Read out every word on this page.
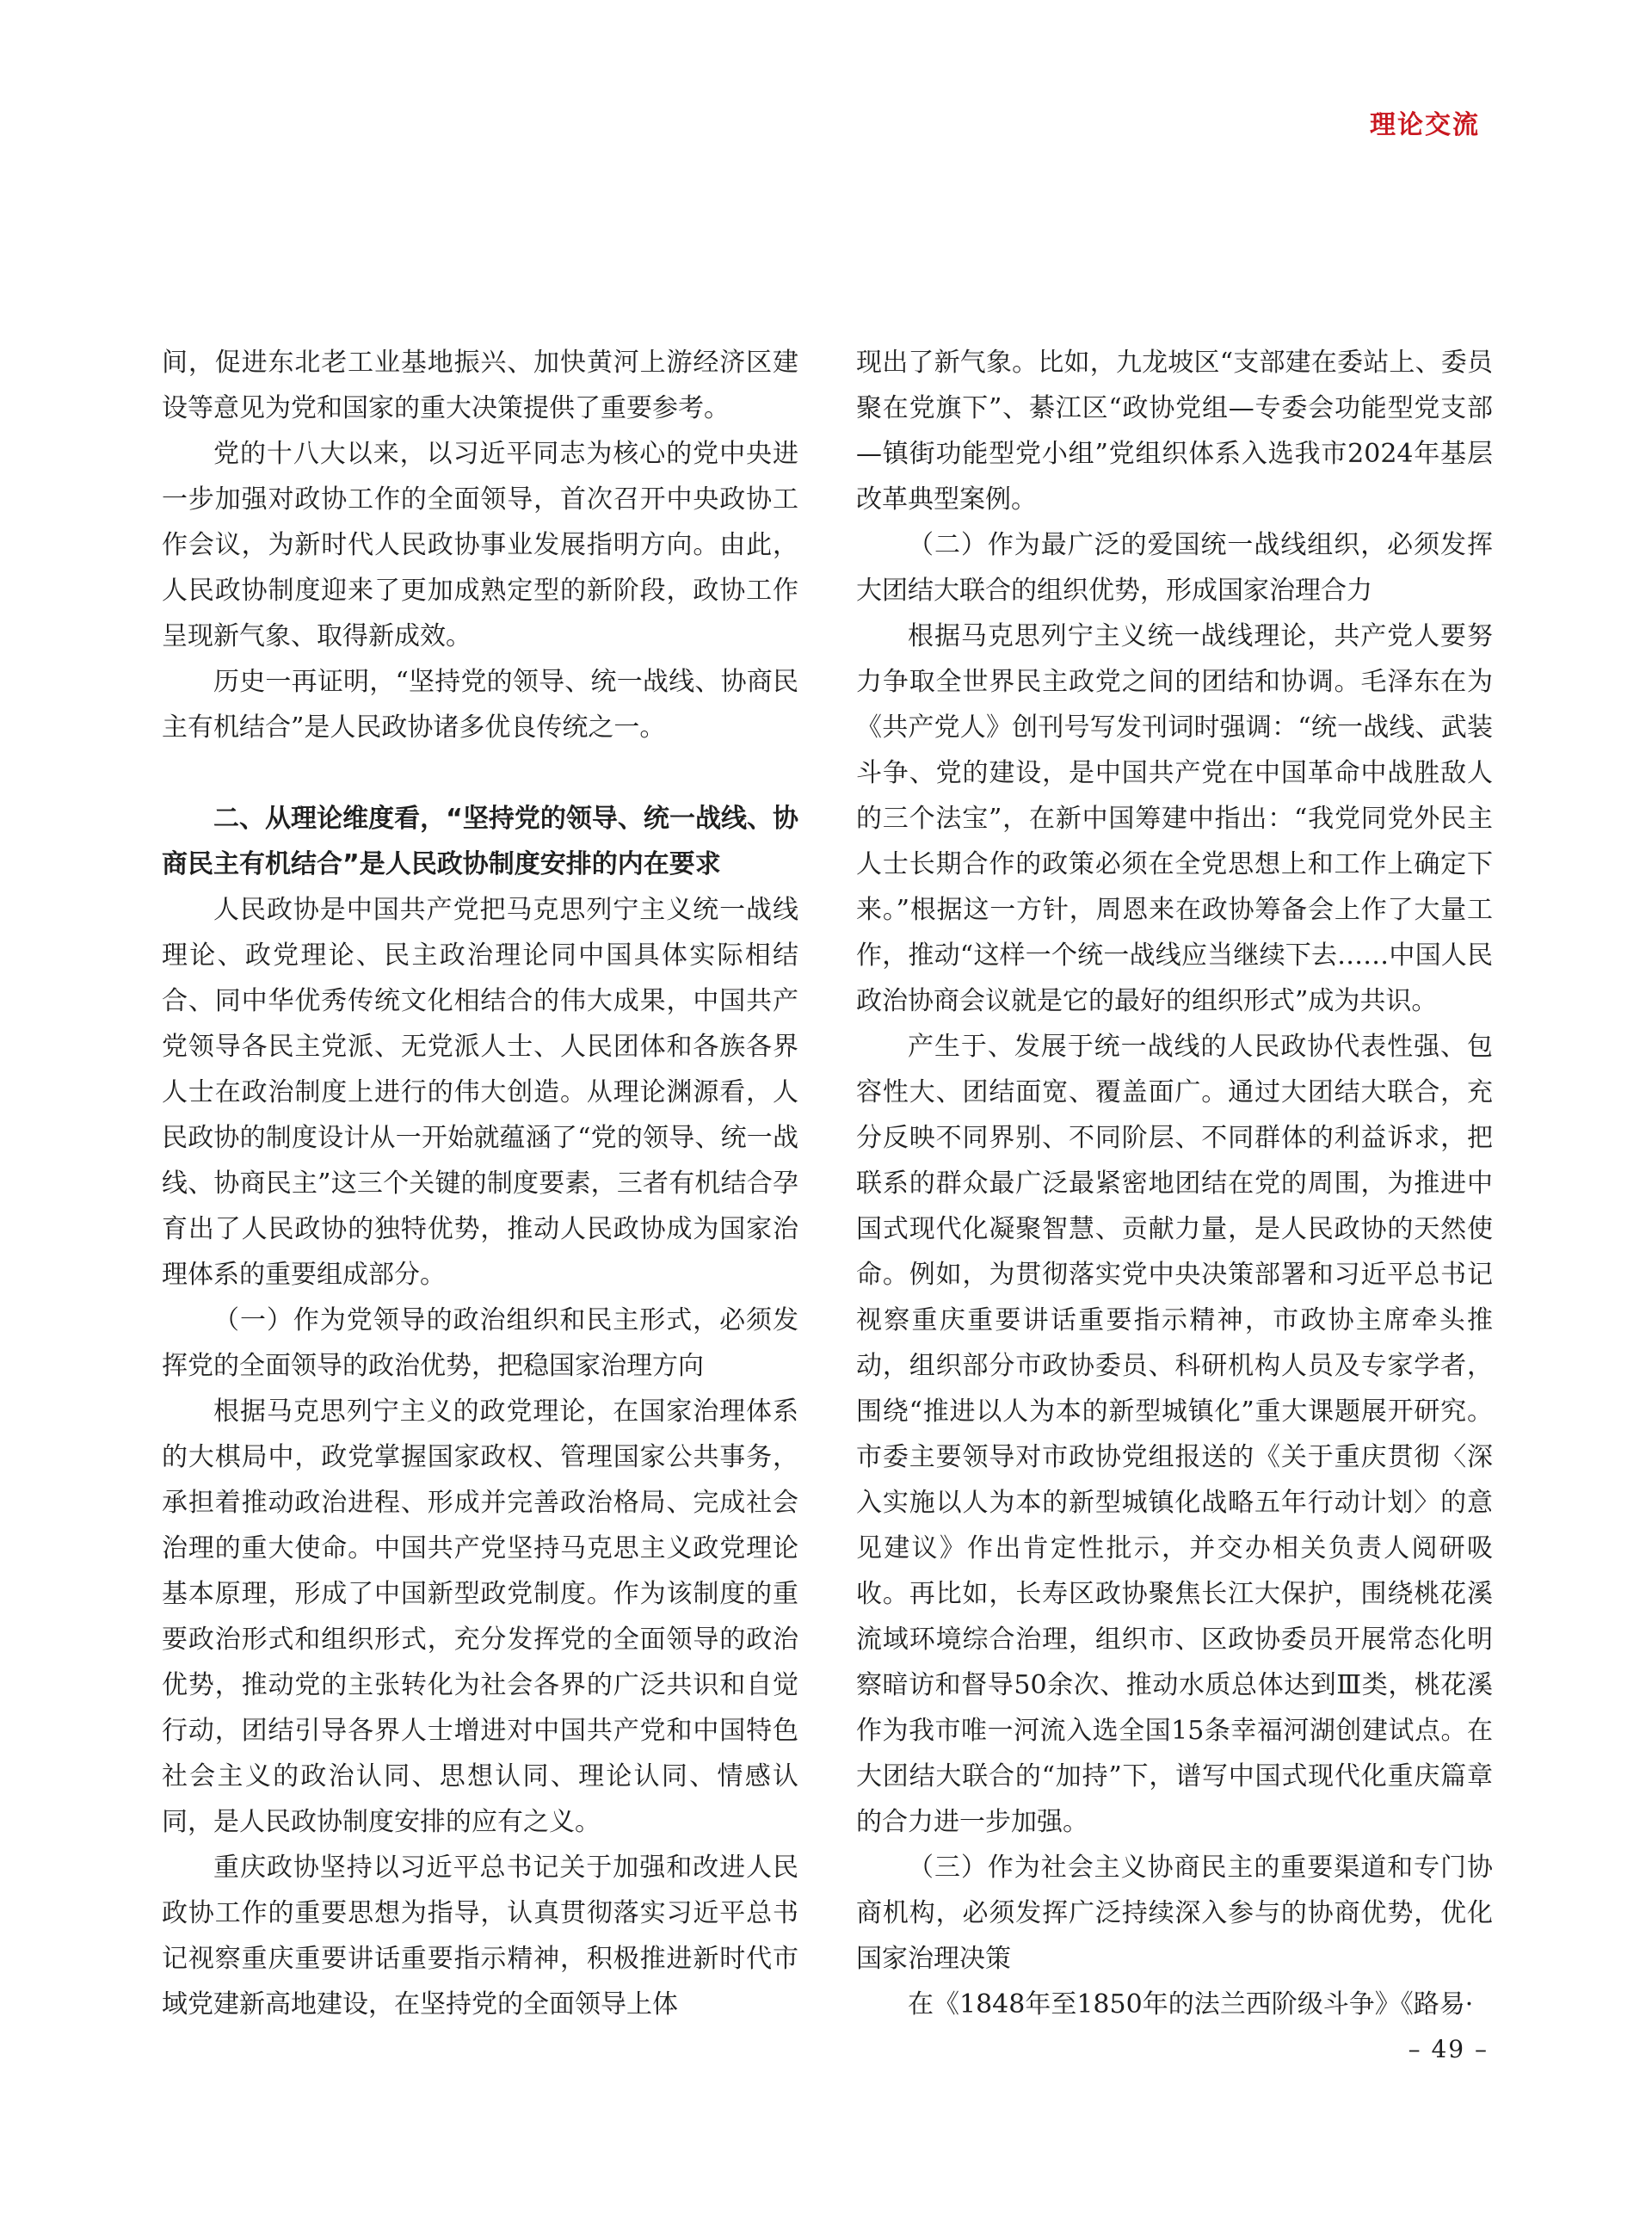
理论交流

间，促进东北老工业基地振兴、加快黄河上游经济区建设等意见为党和国家的重大决策提供了重要参考。

党的十八大以来，以习近平同志为核心的党中央进一步加强对政协工作的全面领导，首次召开中央政协工作会议，为新时代人民政协事业发展指明方向。由此，人民政协制度迎来了更加成熟定型的新阶段，政协工作呈现新气象、取得新成效。

历史一再证明，“坚持党的领导、统一战线、协商民主有机结合”是人民政协诸多优良传统之一。

二、从理论维度看，“坚持党的领导、统一战线、协商民主有机结合”是人民政协制度安排的内在要求

人民政协是中国共产党把马克思列宁主义统一战线理论、政党理论、民主政治理论同中国具体实际相结合、同中华优秀传统文化相结合的伟大成果，中国共产党领导各民主党派、无党派人士、人民团体和各族各界人士在政治制度上进行的伟大创造。从理论渊源看，人民政协的制度设计从一开始就蕴涵了“党的领导、统一战线、协商民主”这三个关键的制度要素，三者有机结合孕育出了人民政协的独特优势，推动人民政协成为国家治理体系的重要组成部分。

（一）作为党领导的政治组织和民主形式，必须发挥党的全面领导的政治优势，把稳国家治理方向

根据马克思列宁主义的政党理论，在国家治理体系的大棋局中，政党掌握国家政权、管理国家公共事务，承担着推动政治进程、形成并完善政治格局、完成社会治理的重大使命。中国共产党坚持马克思主义政党理论基本原理，形成了中国新型政党制度。作为该制度的重要政治形式和组织形式，充分发挥党的全面领导的政治优势，推动党的主张转化为社会各界的广泛共识和自觉行动，团结引导各界人士增进对中国共产党和中国特色社会主义的政治认同、思想认同、理论认同、情感认同，是人民政协制度安排的应有之义。

重庆政协坚持以习近平总书记关于加强和改进人民政协工作的重要思想为指导，认真贯彻落实习近平总书记视察重庆重要讲话重要指示精神，积极推进新时代市域党建新高地建设，在坚持党的全面领导上体

现出了新气象。比如，九龙坡区“支部建在委站上、委员聚在党旗下”、綦江区“政协党组—专委会功能型党支部—镇街功能型党小组”党组织体系入选我市2024年基层改革典型案例。

（二）作为最广泛的爱国统一战线组织，必须发挥大团结大联合的组织优势，形成国家治理合力

根据马克思列宁主义统一战线理论，共产党人要努力争取全世界民主政党之间的团结和协调。毛泽东在为《共产党人》创刊号写发刊词时强调：“统一战线、武装斗争、党的建设，是中国共产党在中国革命中战胜敌人的三个法宝”，在新中国筹建中指出：“我党同党外民主人士长期合作的政策必须在全党思想上和工作上确定下来。”根据这一方针，周恩来在政协筹备会上作了大量工作，推动“这样一个统一战线应当继续下去……中国人民政治协商会议就是它的最好的组织形式”成为共识。

产生于、发展于统一战线的人民政协代表性强、包容性大、团结面宽、覆盖面广。通过大团结大联合，充分反映不同界别、不同阶层、不同群体的利益诉求，把联系的群众最广泛最紧密地团结在党的周围，为推进中国式现代化凝聚智慧、贡献力量，是人民政协的天然使命。例如，为贯彻落实党中央决策部署和习近平总书记视察重庆重要讲话重要指示精神，市政协主席牵头推动，组织部分市政协委员、科研机构人员及专家学者，围绕“推进以人为本的新型城镇化”重大课题展开研究。市委主要领导对市政协党组报送的《关于重庆贯彻〈深入实施以人为本的新型城镇化战略五年行动计划〉的意见建议》作出肯定性批示，并交办相关负责人阅研吸收。再比如，长寿区政协聚焦长江大保护，围绕桃花溪流域环境综合治理，组织市、区政协委员开展常态化明察暗访和督导50余次、推动水质总体达到Ⅲ类，桃花溪作为我市唯一河流入选全国15条幸福河湖创建试点。在大团结大联合的“加持”下，谱写中国式现代化重庆篇章的合力进一步加强。

（三）作为社会主义协商民主的重要渠道和专门协商机构，必须发挥广泛持续深入参与的协商优势，优化国家治理决策

在《1848年至1850年的法兰西阶级斗争》《路易·

– 49 –
